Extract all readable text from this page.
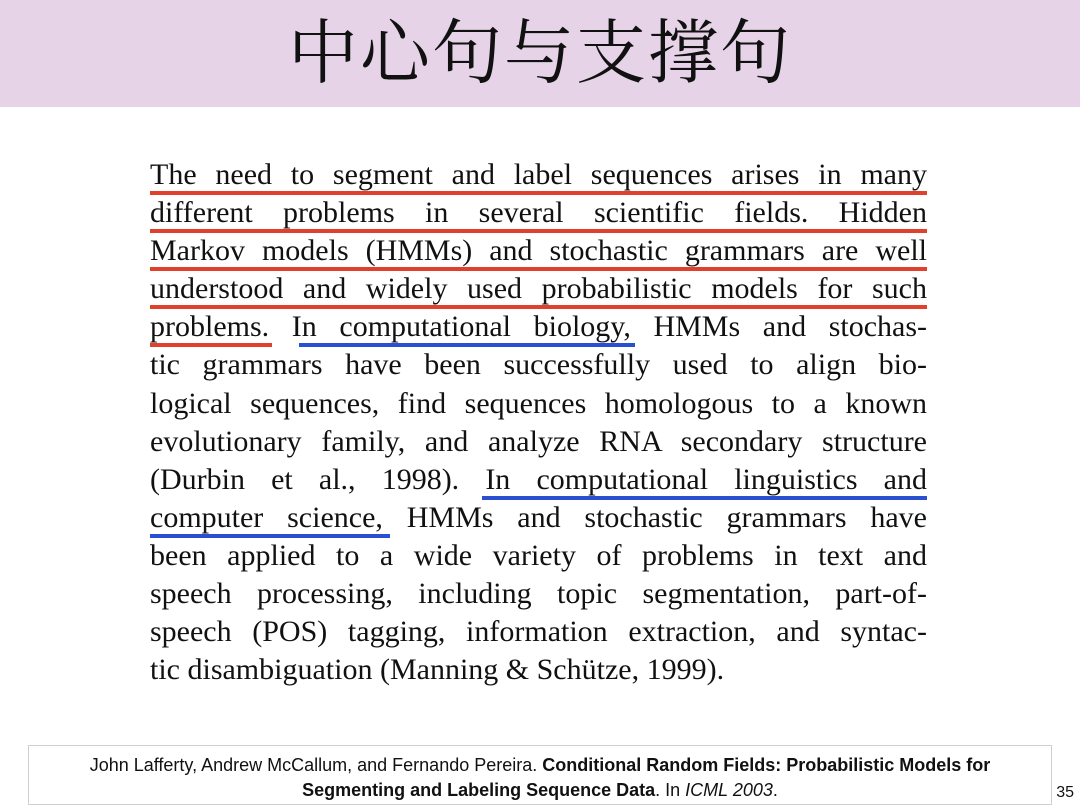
中心句与支撑句
The need to segment and label sequences arises in many
different problems in several scientific fields. Hidden
Markov models (HMMs) and stochastic grammars are well
understood and widely used probabilistic models for such
problems. In computational biology, HMMs and stochas-
tic grammars have been successfully used to align bio-
logical sequences, find sequences homologous to a known
evolutionary family, and analyze RNA secondary structure
(Durbin et al., 1998). In computational linguistics and
computer science, HMMs and stochastic grammars have
been applied to a wide variety of problems in text and
speech processing, including topic segmentation, part-of-
speech (POS) tagging, information extraction, and syntac-
tic disambiguation (Manning & Schütze, 1999).
John Lafferty, Andrew McCallum, and Fernando Pereira. Conditional Random Fields: Probabilistic Models for
Segmenting and Labeling Sequence Data. In ICML 2003.	35
